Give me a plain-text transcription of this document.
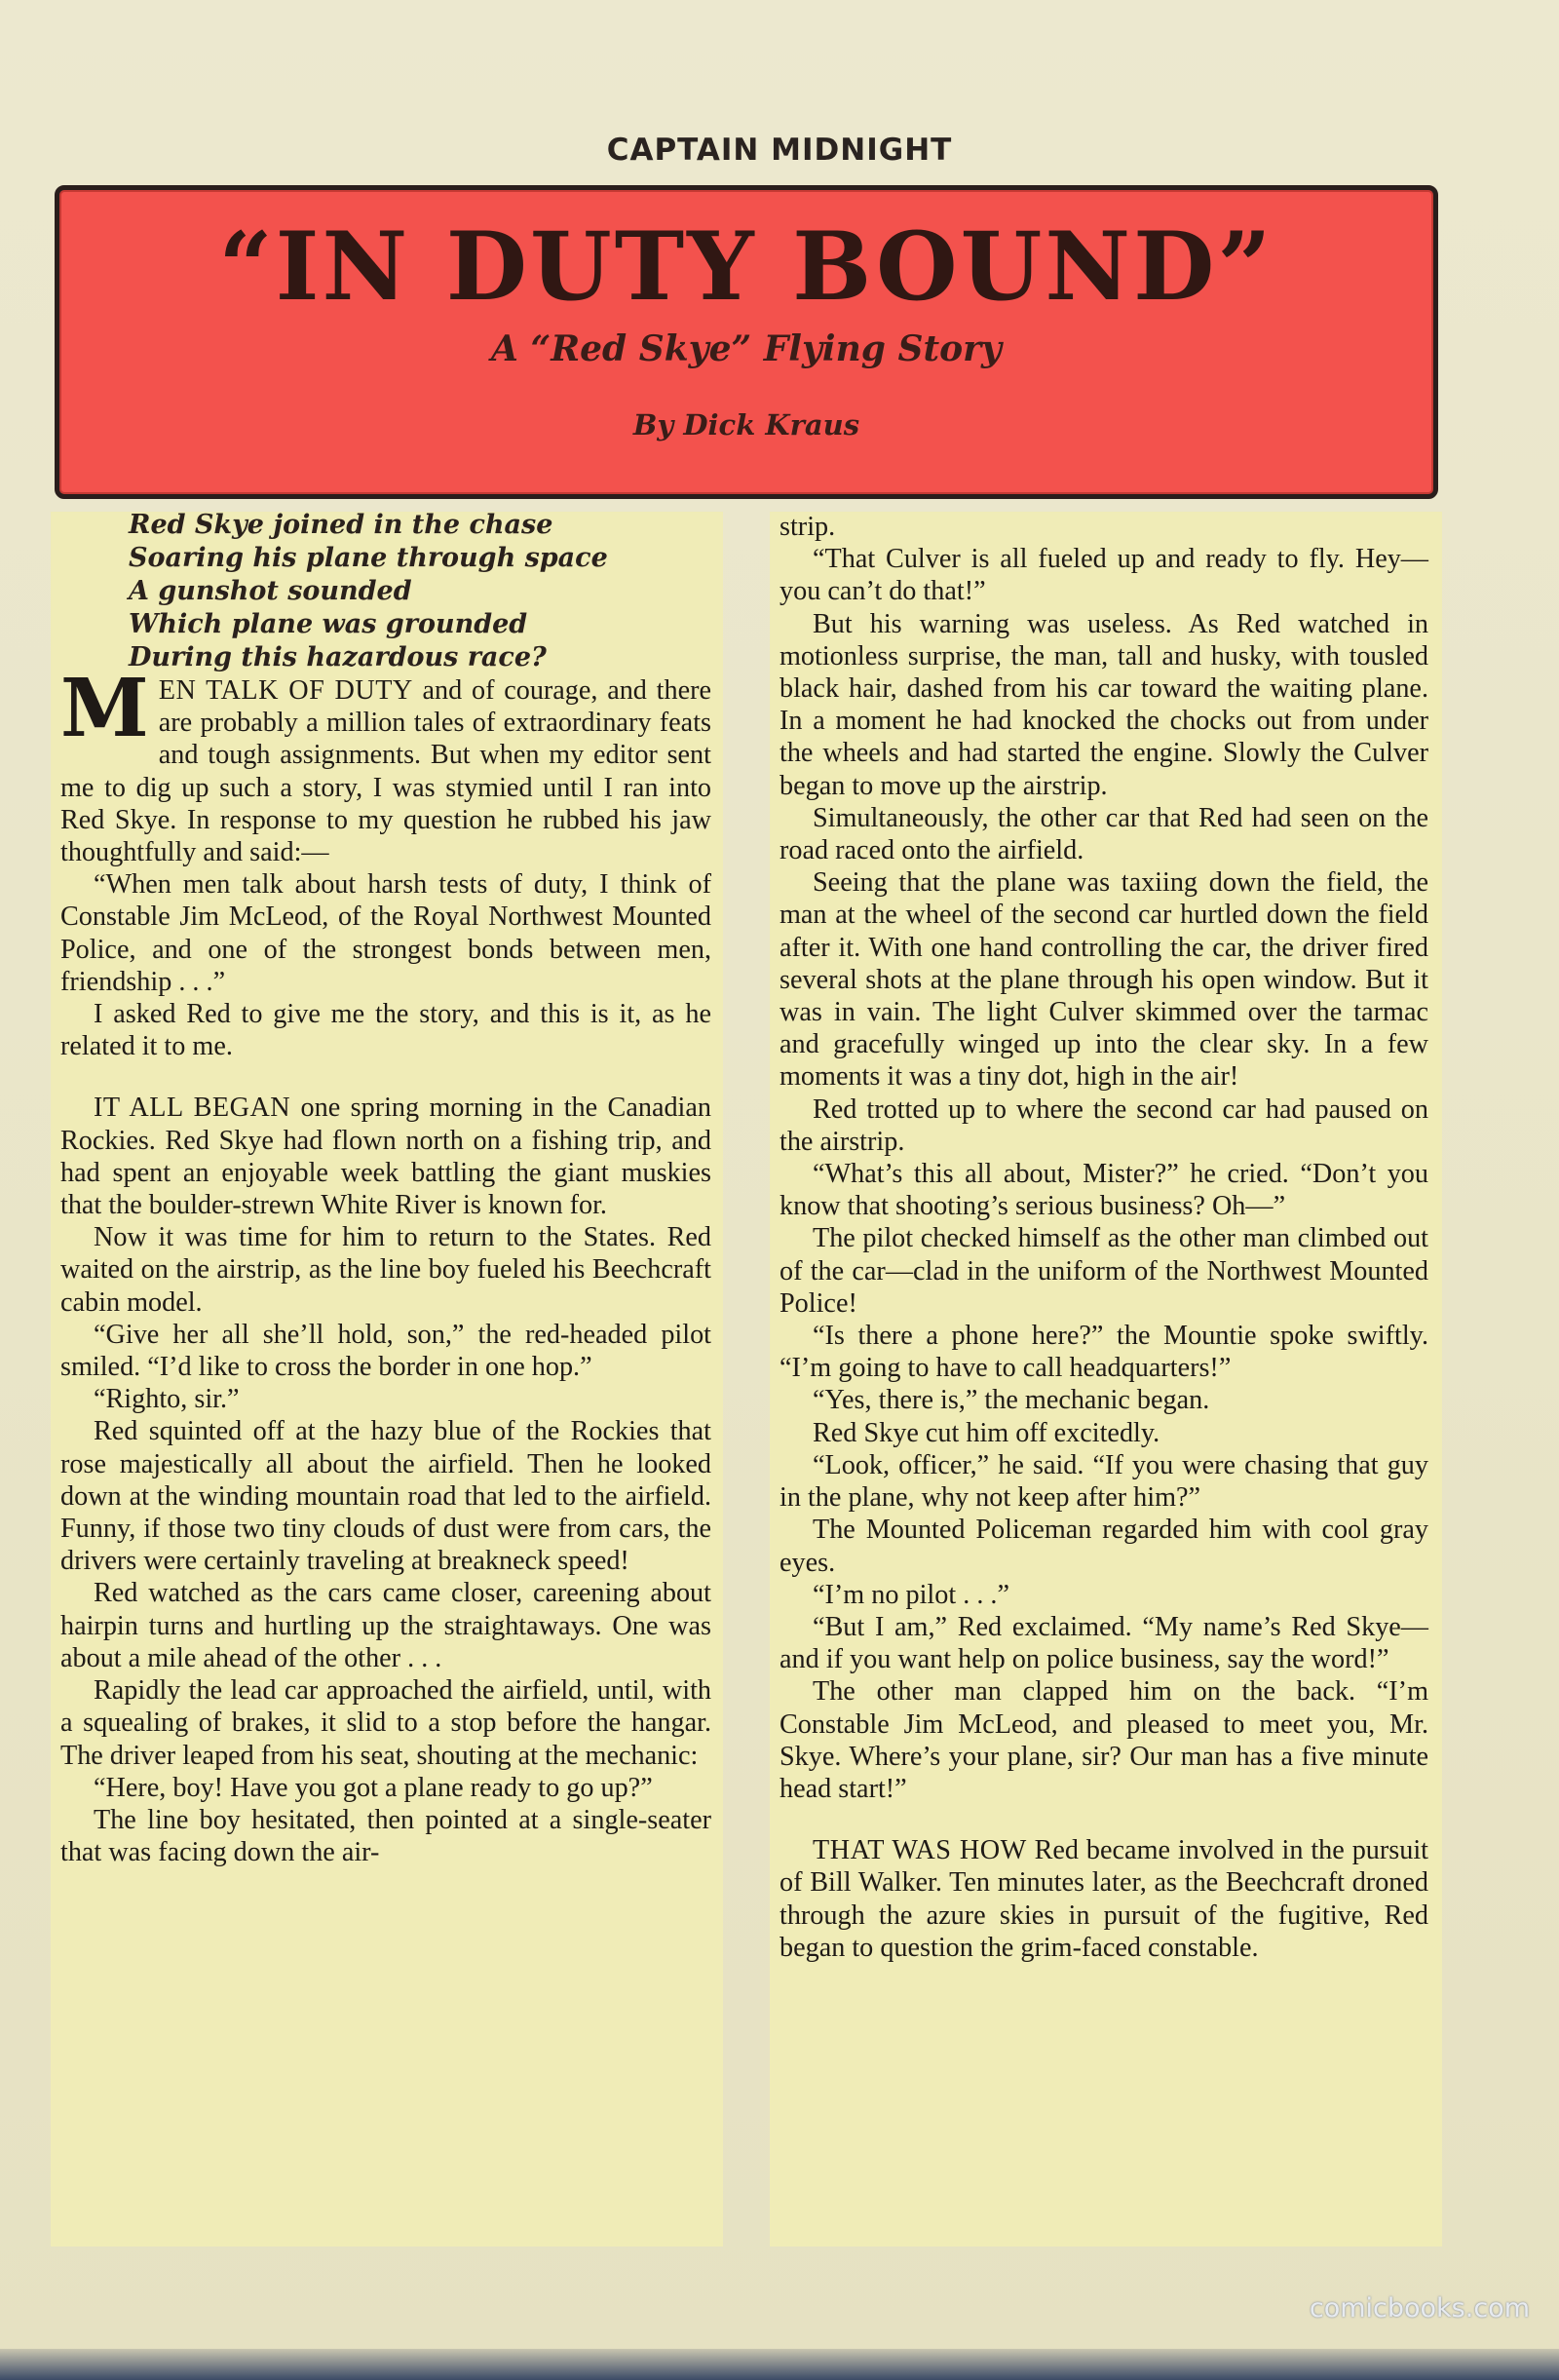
CAPTAIN MIDNIGHT
“IN DUTY BOUND”
A “Red Skye” Flying Story
By Dick Kraus
Red Skye joined in the chase
Soaring his plane through space
A gunshot sounded
Which plane was grounded
During this hazardous race?

MEN TALK OF DUTY and of courage, and there are probably a million tales of extraordinary feats and tough assignments. But when my editor sent me to dig up such a story, I was stymied until I ran into Red Skye. In response to my question he rubbed his jaw thoughtfully and said:—

“When men talk about harsh tests of duty, I think of Constable Jim McLeod, of the Royal Northwest Mounted Police, and one of the strongest bonds between men, friendship . . .”

I asked Red to give me the story, and this is it, as he related it to me.

IT ALL BEGAN one spring morning in the Canadian Rockies. Red Skye had flown north on a fishing trip, and had spent an enjoyable week battling the giant muskies that the boulder-strewn White River is known for.

Now it was time for him to return to the States. Red waited on the airstrip, as the line boy fueled his Beechcraft cabin model.

“Give her all she’ll hold, son,” the red-headed pilot smiled. “I’d like to cross the border in one hop.”

“Righto, sir.”

Red squinted off at the hazy blue of the Rockies that rose majestically all about the airfield. Then he looked down at the winding mountain road that led to the airfield. Funny, if those two tiny clouds of dust were from cars, the drivers were certainly traveling at breakneck speed!

Red watched as the cars came closer, careening about hairpin turns and hurtling up the straightaways. One was about a mile ahead of the other . . .

Rapidly the lead car approached the airfield, until, with a squealing of brakes, it slid to a stop before the hangar. The driver leaped from his seat, shouting at the mechanic:

“Here, boy! Have you got a plane ready to go up?”

The line boy hesitated, then pointed at a single-seater that was facing down the air-

strip.

“That Culver is all fueled up and ready to fly. Hey—you can’t do that!”

But his warning was useless. As Red watched in motionless surprise, the man, tall and husky, with tousled black hair, dashed from his car toward the waiting plane. In a moment he had knocked the chocks out from under the wheels and had started the engine. Slowly the Culver began to move up the airstrip.

Simultaneously, the other car that Red had seen on the road raced onto the airfield.

Seeing that the plane was taxiing down the field, the man at the wheel of the second car hurtled down the field after it. With one hand controlling the car, the driver fired several shots at the plane through his open window. But it was in vain. The light Culver skimmed over the tarmac and gracefully winged up into the clear sky. In a few moments it was a tiny dot, high in the air!

Red trotted up to where the second car had paused on the airstrip.

“What’s this all about, Mister?” he cried. “Don’t you know that shooting’s serious business? Oh—”

The pilot checked himself as the other man climbed out of the car—clad in the uniform of the Northwest Mounted Police!

“Is there a phone here?” the Mountie spoke swiftly. “I’m going to have to call headquarters!”

“Yes, there is,” the mechanic began.

Red Skye cut him off excitedly.

“Look, officer,” he said. “If you were chasing that guy in the plane, why not keep after him?”

The Mounted Policeman regarded him with cool gray eyes.

“I’m no pilot . . .”

“But I am,” Red exclaimed. “My name’s Red Skye—and if you want help on police business, say the word!”

The other man clapped him on the back. “I’m Constable Jim McLeod, and pleased to meet you, Mr. Skye. Where’s your plane, sir? Our man has a five minute head start!”

THAT WAS HOW Red became involved in the pursuit of Bill Walker. Ten minutes later, as the Beechcraft droned through the azure skies in pursuit of the fugitive, Red began to question the grim-faced constable.

comicbooks.com
